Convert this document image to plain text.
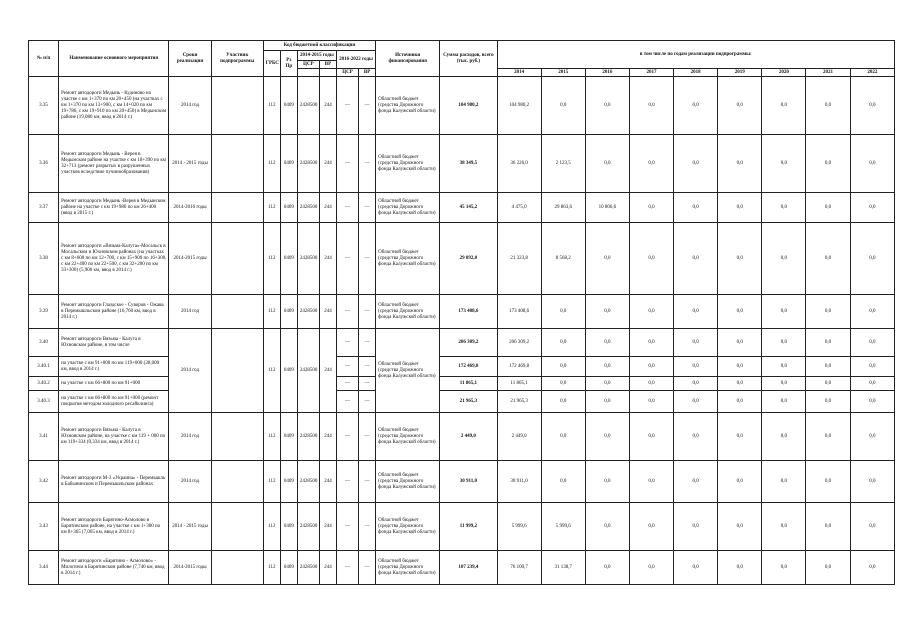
№ п/п	Наименование основного мероприятия	Сроки реализации	Участник подпрограммы	Код бюджетной классификации						Источники финансирования	Сумма расходов, всего (тыс. руб.)	в том числе по годам реализации подпрограммы:								
				ГРБС	Рз Пр	2014-2015 годы		2016-2022 годы												
						ЦСР	ВР													
								ЦСР	ВР			2014	2015	2016	2017	2018	2019	2020	2021	2022
3.35	Ремонт автодороги Медынь - Кудиново на участке с км 1+370 по км 20+450 (на участках с км 1+370 по км 13+900, с км 14+020 по км 19+780, с км 19+910 по км 20+450) в Медынском районе (19,080 км, ввод в 2014 г.)	2014 год		112	0409	2428500	244	—	—	Областной бюджет (средства Дорожного фонда Калужской области)	104 980,2	104 980,2	0,0	0,0	0,0	0,0	0,0	0,0	0,0	0,0
3.36	Ремонт автодороги Медынь - Верея в Медынском районе на участке с км 18+390 по км 32+713 (ремонт разрытых в разрушенных участков вследствие пучинообразования)	2014 - 2015 годы		112	0409	2428500	244	—	—	Областной бюджет (средства Дорожного фонда Калужской области)	38 349,5	36 226,0	2 123,5	0,0	0,0	0,0	0,0	0,0	0,0	0,0
3.37	Ремонт автодороги Медынь -Верея в Медынском районе на участке с км 19+980 по км 26+400 (ввод в 2015 г.)	2014-2016 годы		112	0409	2428500	244	—	—	Областной бюджет (средства Дорожного фонда Калужской области)	45 145,2	4 475,0	29 863,6	10 806,6	0,0	0,0	0,0	0,0	0,0	0,0
3.38	Ремонт автодороги «Вязьма-Калуга»-Мосальск в Мосальском и Юхновском районах (на участках с км 8+600 по км 12+700, с км 15+900 по 16+300, с км 22+400 по км 22+500, с км 32+200 по км 33+300) (5,900 км, ввод в 2014 г.)	2014-2015 годы		112	0409	2428500	244	—	—	Областной бюджет (средства Дорожного фонда Калужской области)	29 892,0	21 323,8	8 568,2	0,0	0,0	0,0	0,0	0,0	0,0	0,0
3.39	Ремонт автодороги Глаздское - Суворов - Ожава в Перемышльском районе (16,760 км, ввод в 2014 г.)	2014 год		112	0409	2428500	244	—	—	Областной бюджет (средства Дорожного фонда Калужской области)	173 408,6	173 408,6	0,0	0,0	0,0	0,0	0,0	0,0	0,0	0,0
3.40	Ремонт автодороги Вязьма - Калуга в Юхновском районе, в том числе	2014 год		112	0409	2428500	244	—	—	Областной бюджет (средства Дорожного фонда Калужской области)	206 309,2	206 309,2	0,0	0,0	0,0	0,0	0,0	0,0	0,0	0,0
3.40.1	на участке с км 91+000 по км 119+000 (28,000 км, ввод в 2014 г.)							—	—		172 469,8	172 469,8	0,0	0,0	0,0	0,0	0,0	0,0	0,0	0,0
3.40.2	на участке с км 66+800 по км 91+000							—	—		11 865,1	11 865,1	0,0	0,0	0,0	0,0	0,0	0,0	0,0	0,0
3.40.3	на участке с км 66+800 по км 91+000 (ремонт покрытия методом холодного ресайклинга)							—	—		21 965,3	21 965,3	0,0	0,0	0,0	0,0	0,0	0,0	0,0	0,0
3.41	Ремонт автодороги Вязьма - Калуга в Юхновском районе, на участке с км 119 + 000 по км 119+334 (0,334 км, ввод в 2014 г.)	2014 год		112	0409	2428500	244	—	—	Областной бюджет (средства Дорожного фонда Калужской области)	2 449,0	2 449,0	0,0	0,0	0,0	0,0	0,0	0,0	0,0	0,0
3.42	Ремонт автодороги М-3 «Украина» - Перемышль в Бабынинском и Перемышльском районах	2014 год		112	0409	2428500	244	—	—	Областной бюджет (средства Дорожного фонда Калужской области)	30 911,0	30 911,0	0,0	0,0	0,0	0,0	0,0	0,0	0,0	0,0
3.43	Ремонт автодороги Барятино-Асмолово в Барятинском районе, на участке с км 1+300 по км 8+365 (7,065 км, ввод в 2014 г.)	2014 - 2015 годы		112	0409	2428500	244	—	—	Областной бюджет (средства Дорожного фонда Калужской области)	11 999,2	5 999,6	5 999,6	0,0	0,0	0,0	0,0	0,0	0,0	0,0
3.44	Ремонт автодороги «Барятино - Асмолово» - Милотичи в Барятинском районе (7,740 км, ввод в 2014 г.)	2014-2015 годы		112	0409	2428500	244	—	—	Областной бюджет (средства Дорожного фонда Калужской области)	107 239,4	76 100,7	31 138,7	0,0	0,0	0,0	0,0	0,0	0,0	0,0
